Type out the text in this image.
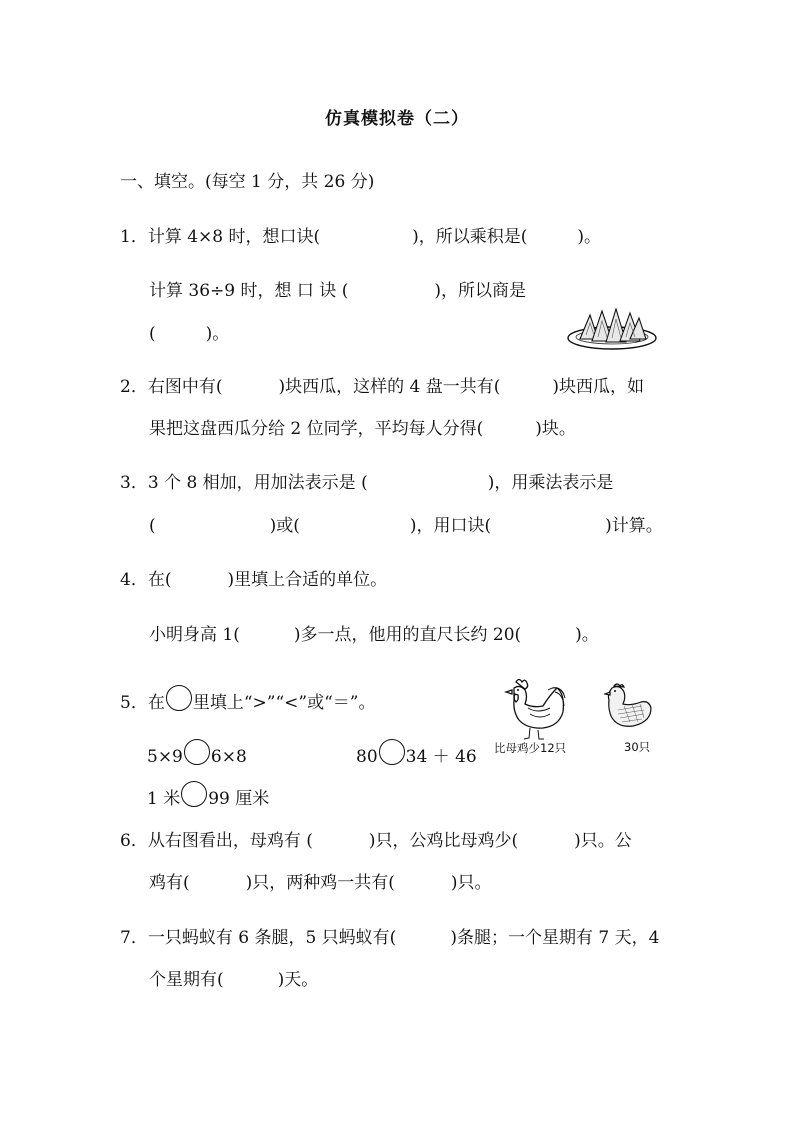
仿真模拟卷（二）
一、填空。(每空 1 分，共 26 分)
1．计算 4×8 时，想口诀(	)，所以乘积是(	)。
计算 36÷9 时，想 口 诀 (	)，所以商是
(	)。
2．右图中有(	)块西瓜，这样的 4 盘一共有(	)块西瓜，如
果把这盘西瓜分给 2 位同学，平均每人分得(	)块。
3．3 个 8 相加，用加法表示是 (	)，用乘法表示是
(	)或(	)，用口诀(	)计算。
4．在(	)里填上合适的单位。
小明身高 1(	)多一点，他用的直尺长约 20(	)。
5．在 里填上“>”“<”或“＝”。
5×9 6×8	80 34 ＋ 46
1 米 99 厘米
比母鸡少12只	30只
6．从右图看出，母鸡有 (	)只，公鸡比母鸡少(	)只。公
鸡有(	)只，两种鸡一共有(	)只。
7．一只蚂蚁有 6 条腿，5 只蚂蚁有(	)条腿；一个星期有 7 天，4
个星期有(	)天。
